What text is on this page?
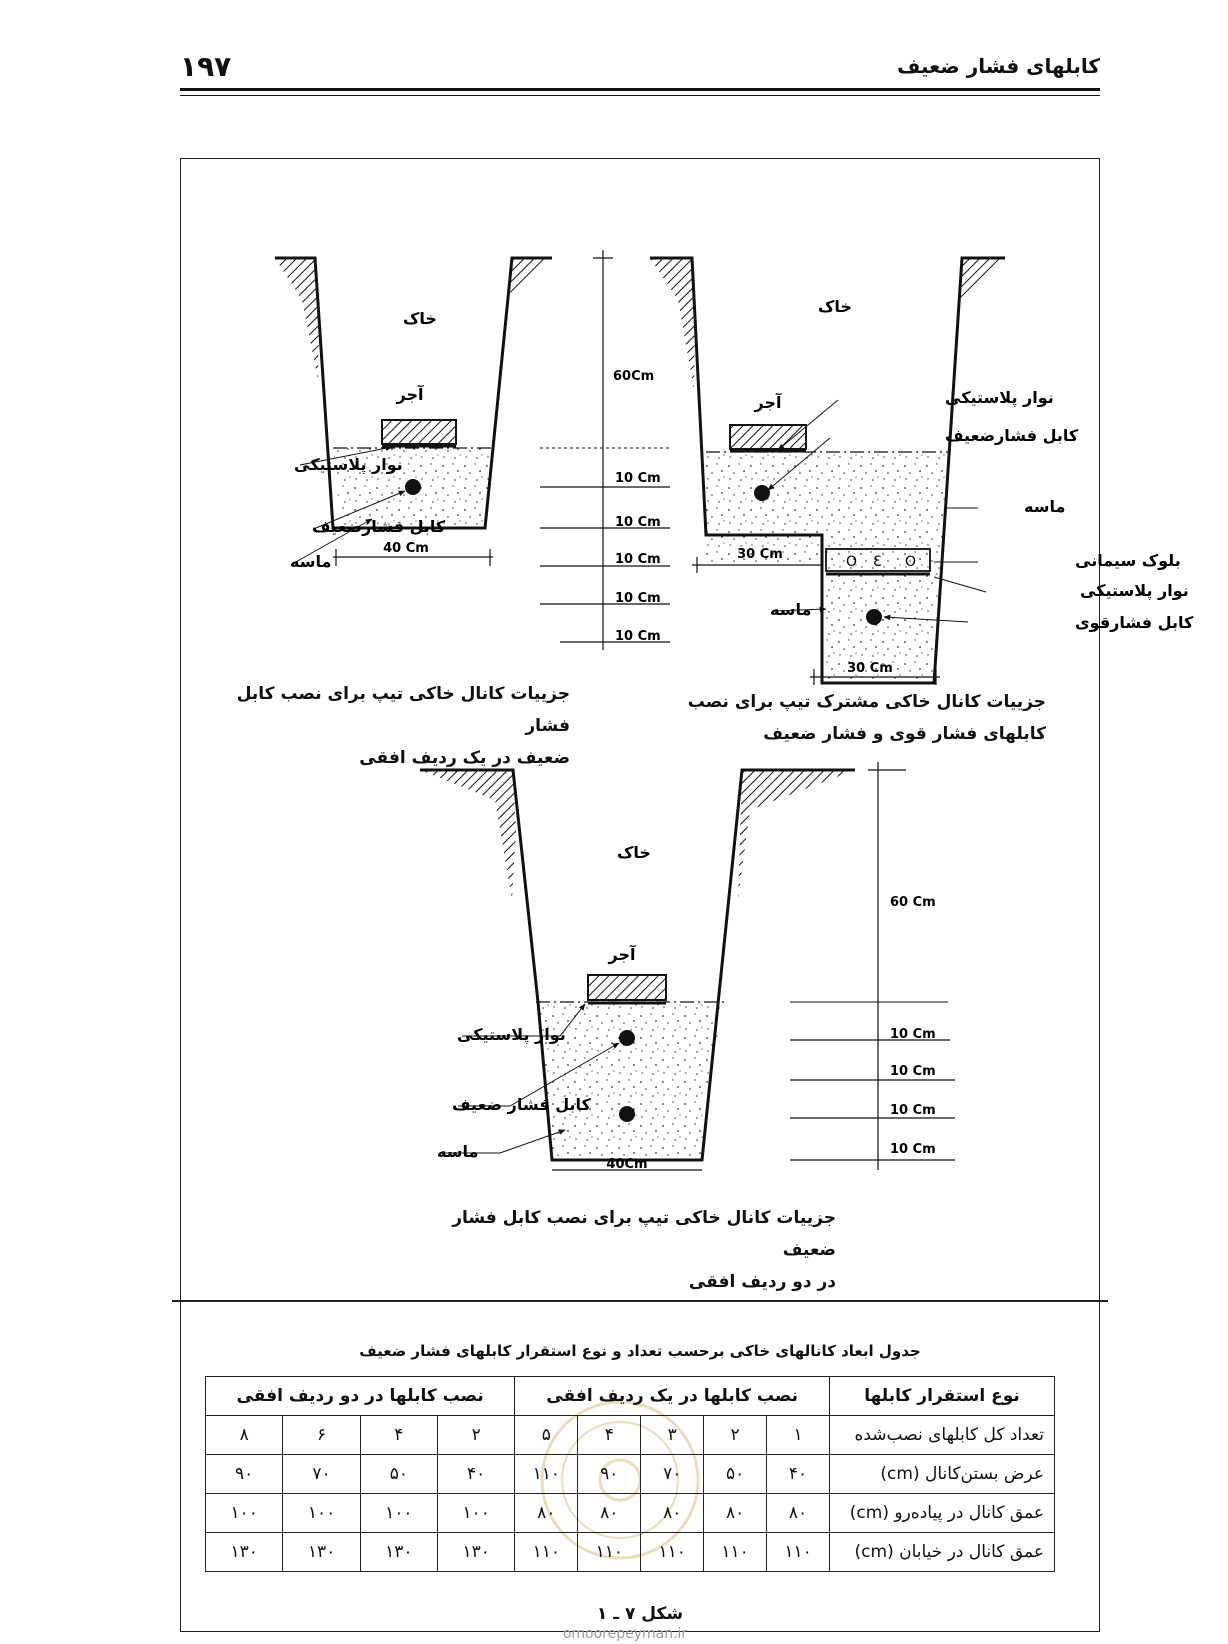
کابلهای فشار ضعیف
۱۹۷
خاک
آجر
نوار پلاستیکی
کابل فشارضعیف
ماسه
40 Cm
60Cm
10 Cm
10 Cm
10 Cm
10 Cm
10 Cm
O Ɛ O
خاک
آجر	نوار پلاستیکی
کابل فشارضعیف
ماسه
بلوک سیمانی
نوار پلاستیکی
کابل فشارقوی
ماسه
30 Cm
30 Cm
خاک
آجر
نوار پلاستیکی
کابل فشار ضعیف
ماسه
40Cm
60 Cm
10 Cm
10 Cm
10 Cm
10 Cm
omoorepeyman.ir
جزییات کانال خاکی تیپ برای نصب کابل فشار
ضعیف در یک ردیف افقی
جزییات کانال خاکی مشترک تیپ برای نصب
کابلهای فشار قوی و فشار ضعیف
جزییات کانال خاکی تیپ برای نصب کابل فشار ضعیف
در دو ردیف افقی
جدول ابعاد کانالهای خاکی برحسب تعداد و نوع استقرار کابلهای فشار ضعیف
نوع استقرار کابلها	نصب کابلها در یک ردیف افقی					نصب کابلها در دو ردیف افقی			
تعداد کل کابلهای نصب‌شده	۱	۲	۳	۴	۵	۲	۴	۶	۸
عرض بستن‌کانال (cm)	۴۰	۵۰	۷۰	۹۰	۱۱۰	۴۰	۵۰	۷۰	۹۰
عمق کانال در پیاده‌رو (cm)	۸۰	۸۰	۸۰	۸۰	۸۰	۱۰۰	۱۰۰	۱۰۰	۱۰۰
عمق کانال در خیابان (cm)	۱۱۰	۱۱۰	۱۱۰	۱۱۰	۱۱۰	۱۳۰	۱۳۰	۱۳۰	۱۳۰
شکل ۷ ـ ۱
